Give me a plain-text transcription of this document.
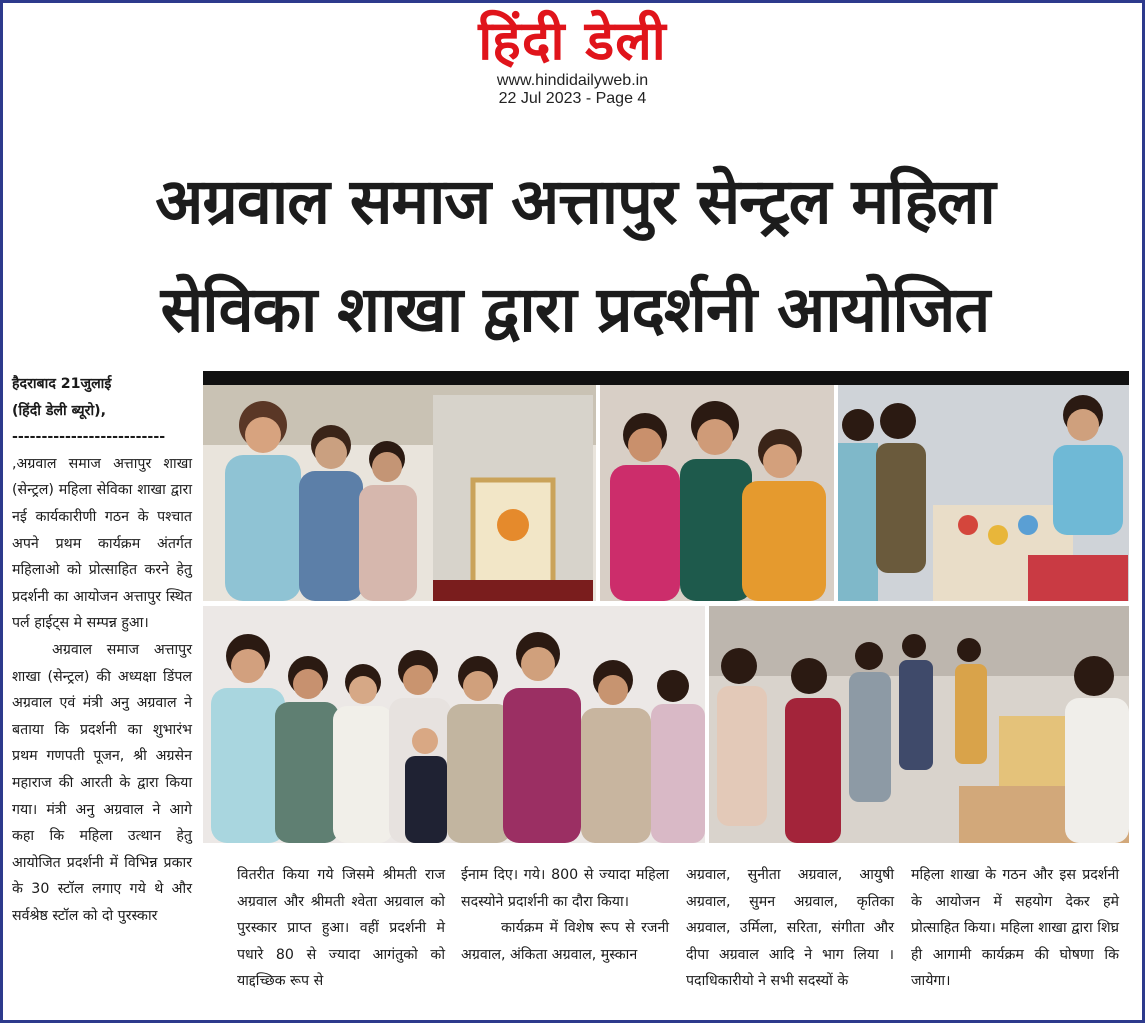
हिंदी डेली
www.hindidailyweb.in
22 Jul 2023 - Page 4
अग्रवाल समाज अत्तापुर सेन्ट्रल महिला
सेविका शाखा द्वारा प्रदर्शनी आयोजित

हैदराबाद 21जुलाई

(हिंदी डेली ब्यूरो),

--------------------------

,अग्रवाल समाज अत्तापुर शाखा (सेन्ट्रल) महिला सेविका शाखा द्वारा नई कार्यकारीणी गठन के पश्चात अपने प्रथम कार्यक्रम अंतर्गत महिलाओ को प्रोत्साहित करने हेतु प्रदर्शनी का आयोजन अत्तापुर स्थित पर्ल हाईट्स मे सम्पन्न हुआ।

अग्रवाल समाज अत्तापुर शाखा (सेन्ट्रल) की अध्यक्षा डिंपल अग्रवाल एवं मंत्री अनु अग्रवाल ने बताया कि प्रदर्शनी का शुभारंभ प्रथम गणपती पूजन, श्री अग्रसेन महाराज की आरती के द्वारा किया गया। मंत्री अनु अग्रवाल ने आगे कहा कि महिला उत्थान हेतु आयोजित प्रदर्शनी में विभिन्न प्रकार के 30 स्टॉल लगाए गये थे और सर्वश्रेष्ठ स्टॉल को दो पुरस्कार

वितरीत किया गये जिसमे श्रीमती राज अग्रवाल और श्रीमती श्वेता अग्रवाल को पुरस्कार प्राप्त हुआ। वहीं प्रदर्शनी मे पधारे 80 से ज्यादा आगंतुको को याद्दच्छिक रूप से

ईनाम दिए। गये। 800 से ज्यादा महिला सदस्योने प्रदार्शनी का दौरा किया।

कार्यक्रम में विशेष रूप से रजनी अग्रवाल, अंकिता अग्रवाल, मुस्कान

अग्रवाल, सुनीता अग्रवाल, आयुषी अग्रवाल, सुमन अग्रवाल, कृतिका अग्रवाल, उर्मिला, सरिता, संगीता और दीपा अग्रवाल आदि ने भाग लिया । पदाधिकारीयो ने सभी सदस्यों के

महिला शाखा के गठन और इस प्रदर्शनी के आयोजन में सहयोग देकर हमे प्रोत्साहित किया। महिला शाखा द्वारा शिघ्र ही आगामी कार्यक्रम की घोषणा कि जायेगा।
